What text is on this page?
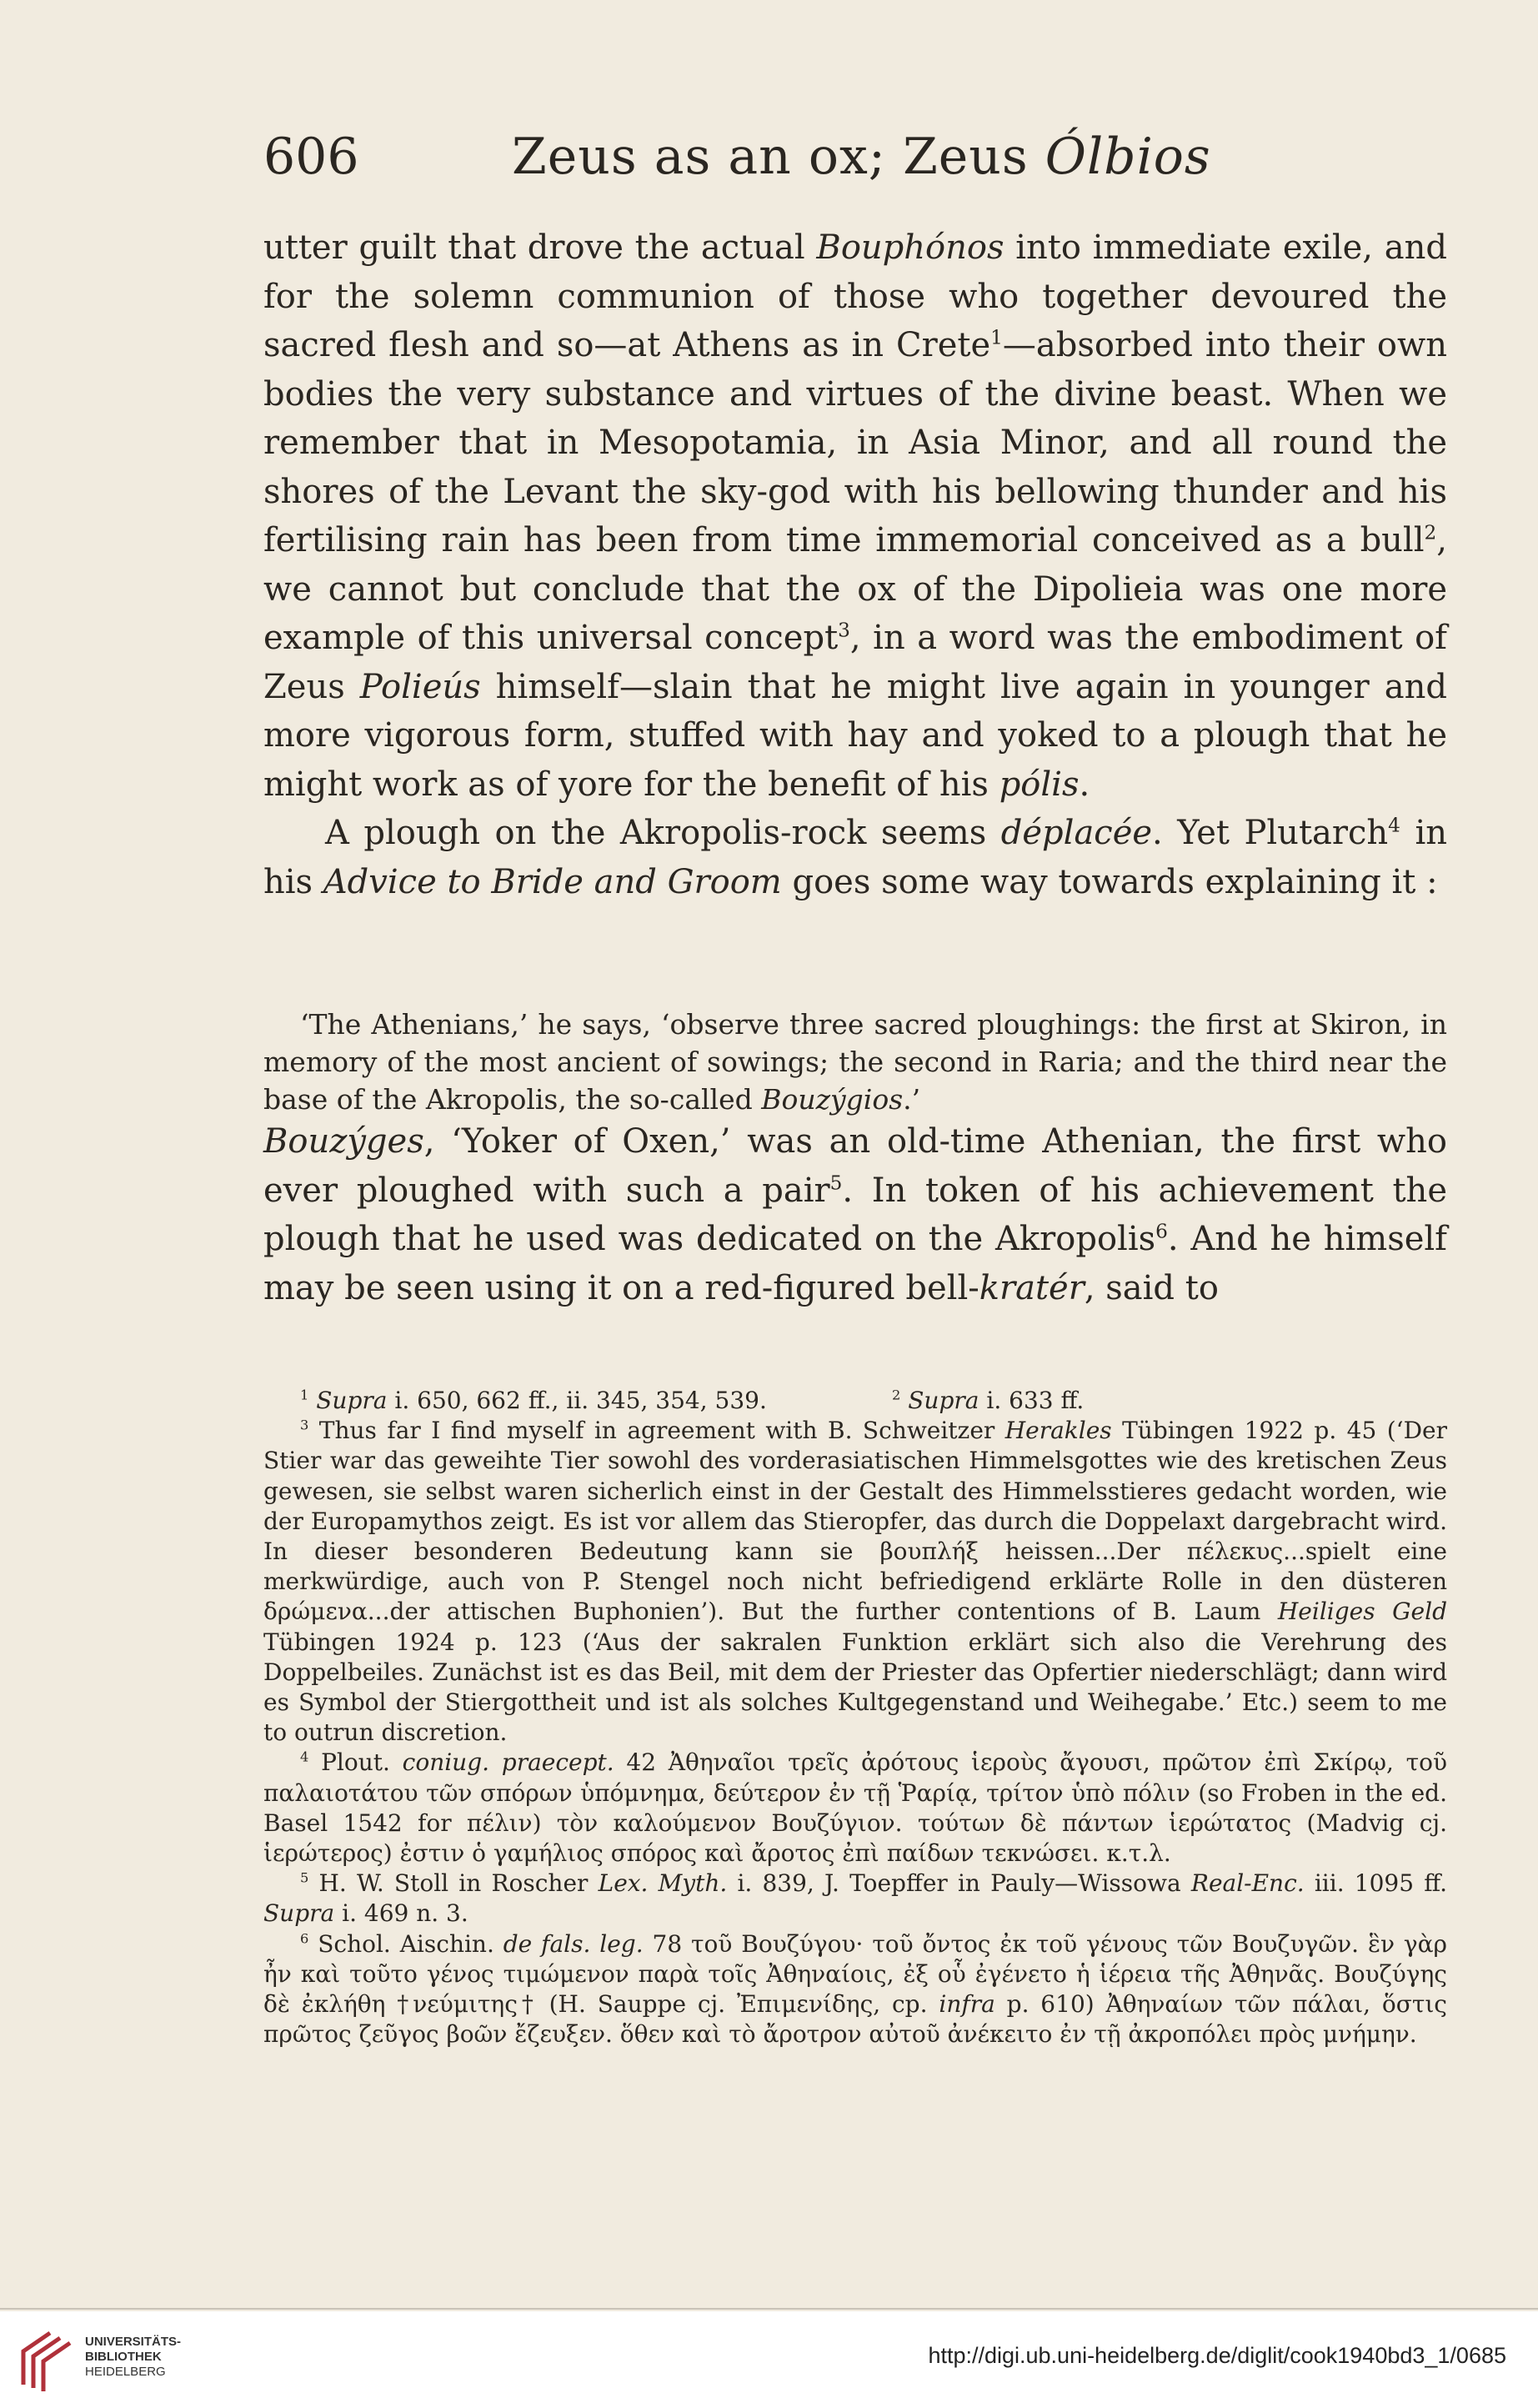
606	Zeus as an ox; Zeus Ólbios

utter guilt that drove the actual Bouphónos into immediate exile, and for the solemn communion of those who together devoured the sacred flesh and so—at Athens as in Crete$^1$—absorbed into their own bodies the very substance and virtues of the divine beast. When we remember that in Mesopotamia, in Asia Minor, and all round the shores of the Levant the sky-god with his bellowing thunder and his fertilising rain has been from time immemorial conceived as a bull$^2$, we cannot but conclude that the ox of the Dipolieia was one more example of this universal concept$^3$, in a word was the embodiment of Zeus Polieús himself—slain that he might live again in younger and more vigorous form, stuffed with hay and yoked to a plough that he might work as of yore for the benefit of his pólis.

A plough on the Akropolis-rock seems déplacée. Yet Plutarch$^4$ in his Advice to Bride and Groom goes some way towards explaining it :

‘The Athenians,’ he says, ‘observe three sacred ploughings: the first at Skiron, in memory of the most ancient of sowings; the second in Raria; and the third near the base of the Akropolis, the so-called Bouzýgios.’

Bouzýges, ‘Yoker of Oxen,’ was an old-time Athenian, the first who ever ploughed with such a pair$^5$. In token of his achievement the plough that he used was dedicated on the Akropolis$^6$. And he himself may be seen using it on a red-figured bell-kratér, said to

$^1$ Supra i. 650, 662 ff., ii. 345, 354, 539.	$^2$ Supra i. 633 ff.

$^3$ Thus far I find myself in agreement with B. Schweitzer Herakles Tübingen 1922 p. 45 (‘Der Stier war das geweihte Tier sowohl des vorderasiatischen Himmelsgottes wie des kretischen Zeus gewesen, sie selbst waren sicherlich einst in der Gestalt des Himmelsstieres gedacht worden, wie der Europamythos zeigt. Es ist vor allem das Stieropfer, das durch die Doppelaxt dargebracht wird. In dieser besonderen Bedeutung kann sie βουπλήξ heissen...Der πέλεκυς...spielt eine merkwürdige, auch von P. Stengel noch nicht befriedigend erklärte Rolle in den düsteren δρώμενα...der attischen Buphonien’). But the further contentions of B. Laum Heiliges Geld Tübingen 1924 p. 123 (‘Aus der sakralen Funktion erklärt sich also die Verehrung des Doppelbeiles. Zunächst ist es das Beil, mit dem der Priester das Opfertier niederschlägt; dann wird es Symbol der Stiergottheit und ist als solches Kultgegenstand und Weihegabe.’ Etc.) seem to me to outrun discretion.

$^4$ Plout. coniug. praecept. 42 Ἀθηναῖοι τρεῖς ἀρότους ἱεροὺς ἄγουσι, πρῶτον ἐπὶ Σκίρῳ, τοῦ παλαιοτάτου τῶν σπόρων ὑπόμνημα, δεύτερον ἐν τῇ Ῥαρίᾳ, τρίτον ὑπὸ πόλιν (so Froben in the ed. Basel 1542 for πέλιν) τὸν καλούμενον Βουζύγιον. τούτων δὲ πάντων ἱερώτατος (Madvig cj. ἱερώτερος) ἐστιν ὁ γαμήλιος σπόρος καὶ ἄροτος ἐπὶ παίδων τεκνώσει. κ.τ.λ.

$^5$ H. W. Stoll in Roscher Lex. Myth. i. 839, J. Toepffer in Pauly—Wissowa Real-Enc. iii. 1095 ff. Supra i. 469 n. 3.

$^6$ Schol. Aischin. de fals. leg. 78 τοῦ Βουζύγου· τοῦ ὄντος ἐκ τοῦ γένους τῶν Βουζυγῶν. ἓν γὰρ ἦν καὶ τοῦτο γένος τιμώμενον παρὰ τοῖς Ἀθηναίοις, ἐξ οὗ ἐγένετο ἡ ἱέρεια τῆς Ἀθηνᾶς. Βουζύγης δὲ ἐκλήθη †νεύμιτης† (H. Sauppe cj. Ἐπιμενίδης, cp. infra p. 610) Ἀθηναίων τῶν πάλαι, ὅστις πρῶτος ζεῦγος βοῶν ἔζευξεν. ὅθεν καὶ τὸ ἄροτρον αὐτοῦ ἀνέκειτο ἐν τῇ ἀκροπόλει πρὸς μνήμην.

UNIVERSITÄTS-
BIBLIOTHEK
HEIDELBERG
http://digi.ub.uni-heidelberg.de/diglit/cook1940bd3_1/0685
